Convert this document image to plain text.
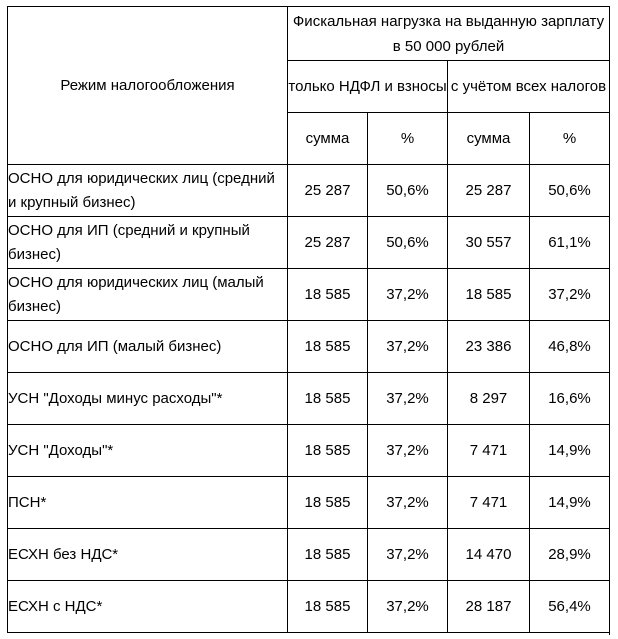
Режим налогообложения	Фискальная нагрузка на выданную зарплату в 50 000 рублей			
	только НДФЛ и взносы		с учётом всех налогов	
	сумма	%	сумма	%
ОСНО для юридических лиц (средний и крупный бизнес)	25 287	50,6%	25 287	50,6%
ОСНО для ИП (средний и крупный бизнес)	25 287	50,6%	30 557	61,1%
ОСНО для юридических лиц (малый бизнес)	18 585	37,2%	18 585	37,2%
ОСНО для ИП (малый бизнес)	18 585	37,2%	23 386	46,8%
УСН "Доходы минус расходы"*	18 585	37,2%	8 297	16,6%
УСН "Доходы"*	18 585	37,2%	7 471	14,9%
ПСН*	18 585	37,2%	7 471	14,9%
ЕСХН без НДС*	18 585	37,2%	14 470	28,9%
ЕСХН с НДС*	18 585	37,2%	28 187	56,4%
